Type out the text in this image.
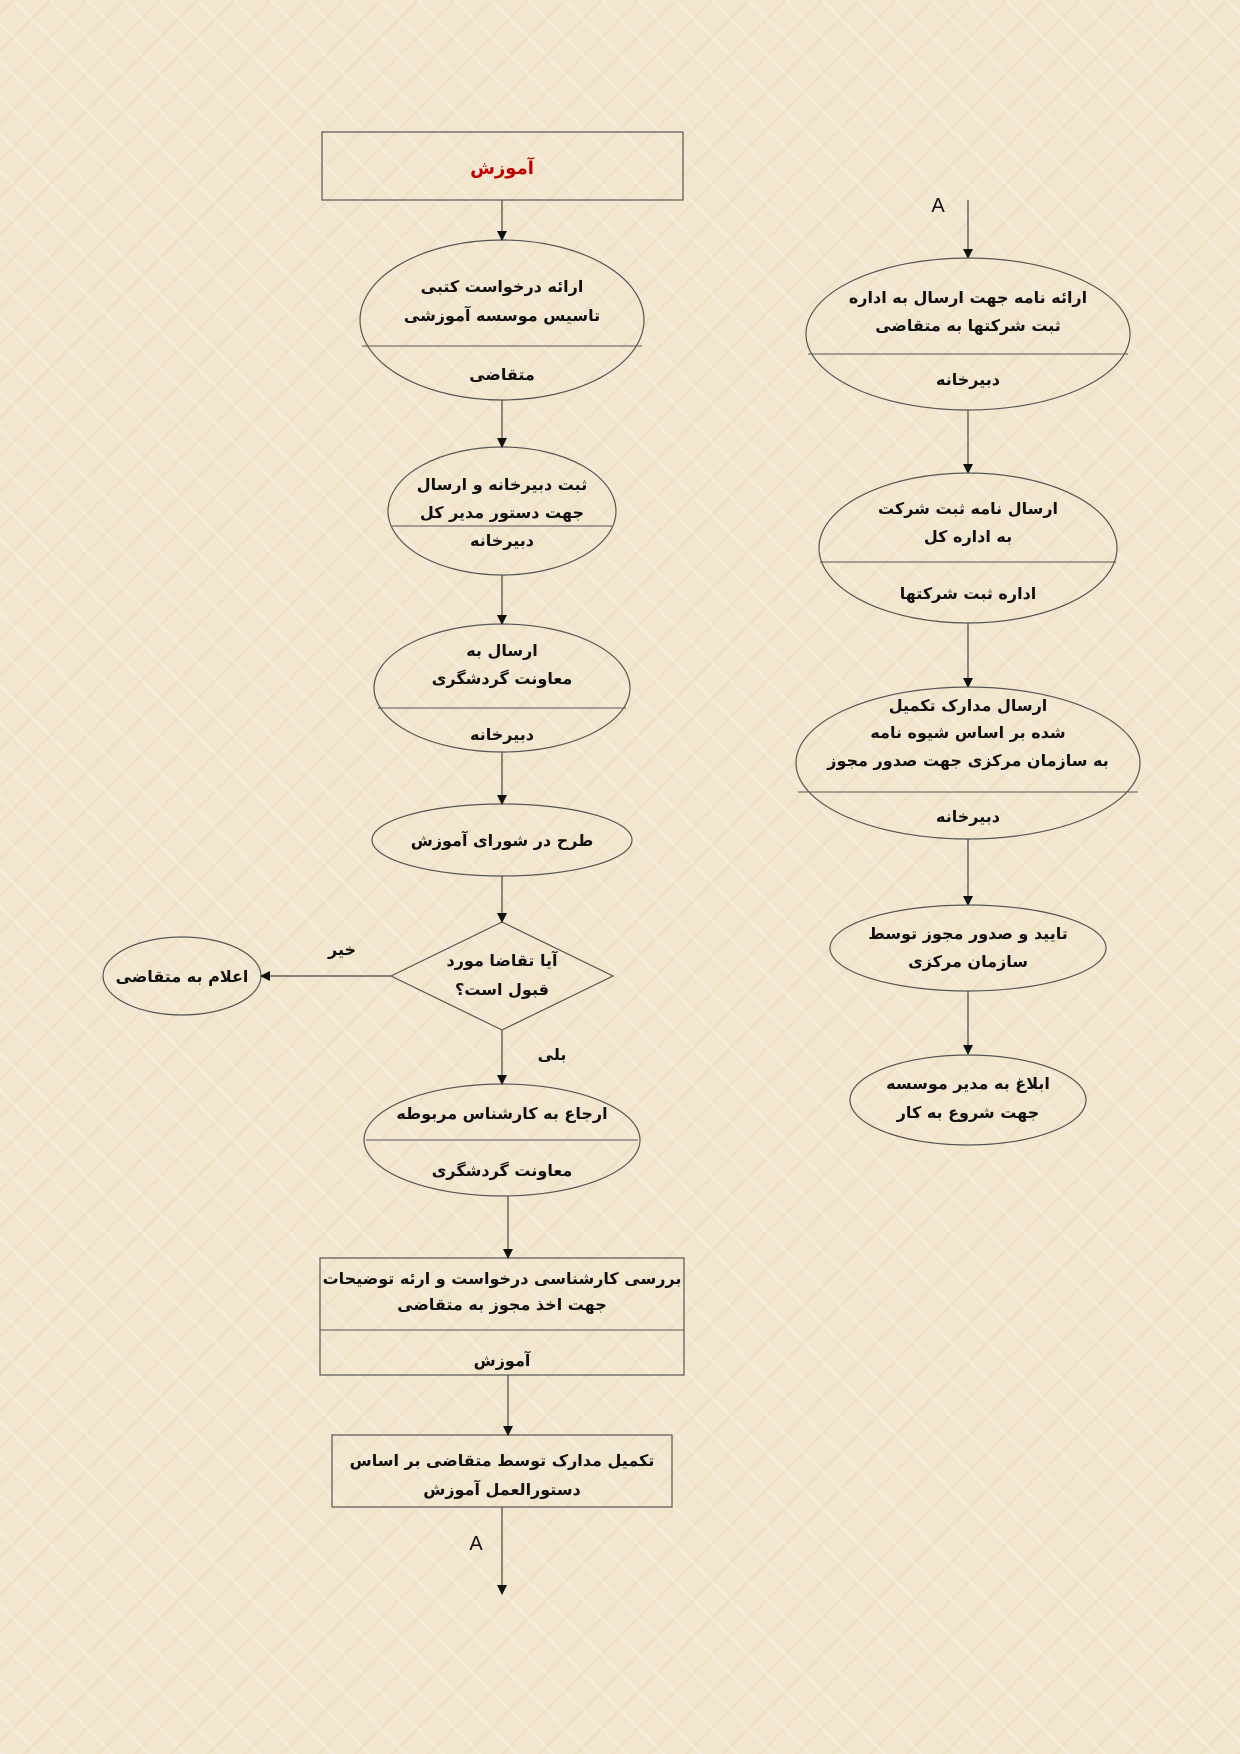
آموزش
ارائه درخواست کتبی
تاسیس موسسه آموزشی
متقاضی
ثبت دبیرخانه و ارسال
جهت دستور مدیر کل
دبیرخانه
ارسال به
معاونت گردشگری
دبیرخانه
طرح در شورای آموزش
آیا تقاضا مورد
قبول است؟
اعلام به متقاضی
ارجاع به کارشناس مربوطه
معاونت گردشگری
بررسی کارشناسی درخواست و ارئه توضیحات
جهت اخذ مجوز به متقاضی
آموزش
تکمیل مدارک توسط متقاضی بر اساس
دستورالعمل آموزش
خیر
بلی
A
A
ارائه نامه جهت ارسال به اداره
ثبت شرکتها به متقاضی
دبیرخانه
ارسال نامه ثبت شرکت
به اداره کل
اداره ثبت شرکتها
ارسال مدارک تکمیل
شده بر اساس شیوه نامه
به سازمان مرکزی جهت صدور مجوز
دبیرخانه
تایید و صدور مجوز توسط
سازمان مرکزی
ابلاغ به مدیر موسسه
جهت شروع به کار
